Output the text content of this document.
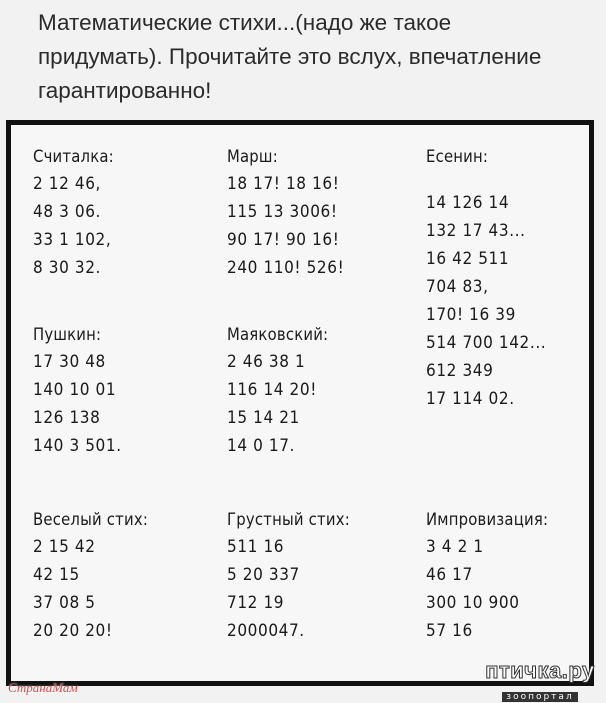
Математические стихи...(надо же такое придумать). Прочитайте это вслух, впечатление гарантированно!
Считалка:
2 12 46,
48 3 06.
33 1 102,
8 30 32.
Марш:
18 17! 18 16!
115 13 3006!
90 17! 90 16!
240 110! 526!
Есенин:
14 126 14
132 17 43...
16 42 511
704 83,
170! 16 39
514 700 142...
612 349
17 114 02.
Пушкин:
17 30 48
140 10 01
126 138
140 3 501.
Маяковский:
2 46 38 1
116 14 20!
15 14 21
14 0 17.
Веселый стих:
2 15 42
42 15
37 08 5
20 20 20!
Грустный стих:
511 16
5 20 337
712 19
2000047.
Импровизация:
3 4 2 1
46 17
300 10 900
57 16
СтранаМам
птичка.ру
зоопортал
